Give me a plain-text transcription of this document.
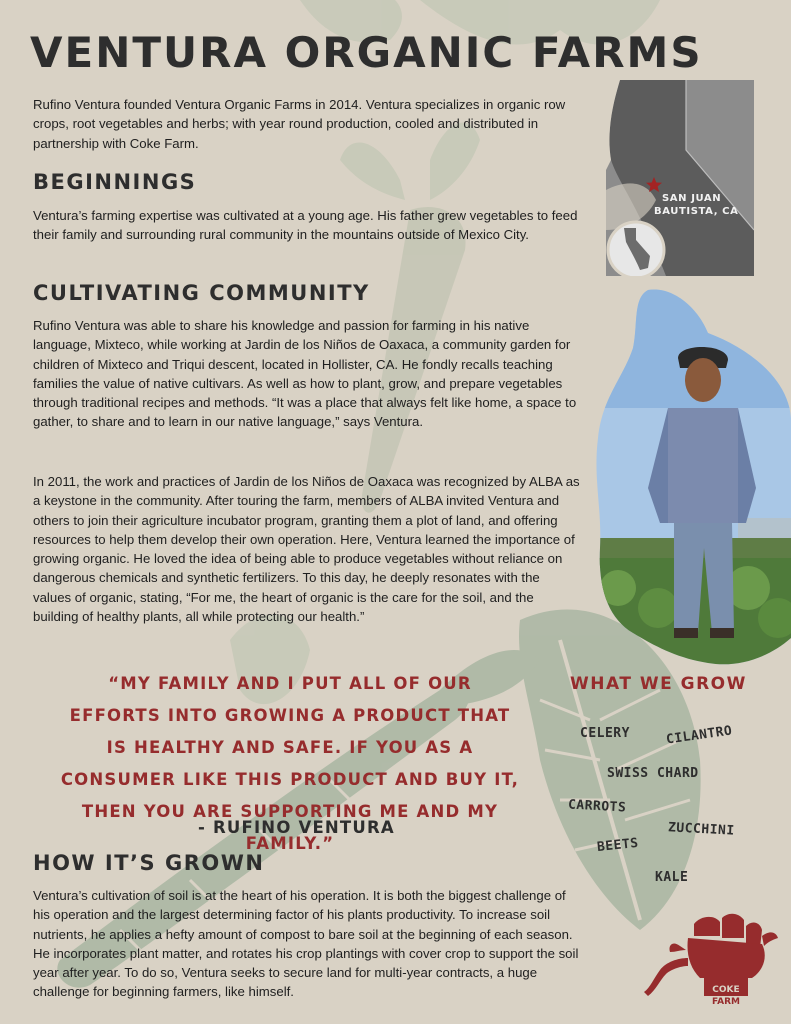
VENTURA ORGANIC FARMS

Rufino Ventura founded Ventura Organic Farms in 2014. Ventura specializes in organic row crops, root vegetables and herbs; with year round production, cooled and distributed in partnership with Coke Farm.

BEGINNINGS

Ventura’s farming expertise was cultivated at a young age. His father grew vegetables to feed their family and surrounding rural community in the mountains outside of Mexico City.

CULTIVATING COMMUNITY

Rufino Ventura was able to share his knowledge and passion for farming in his native language, Mixteco, while working at Jardin de los Niños de Oaxaca, a community garden for children of Mixteco and Triqui descent, located in Hollister, CA. He fondly recalls teaching families the value of native cultivars. As well as how to plant, grow, and prepare vegetables through traditional recipes and methods. “It was a place that always felt like home, a space to gather, to share and to learn in our native language,” says Ventura.

In 2011, the work and practices of Jardin de los Niños de Oaxaca was recognized by ALBA as a keystone in the community. After touring the farm, members of ALBA invited Ventura and others to join their agriculture incubator program, granting them a plot of land, and offering resources to help them develop their own operation. Here, Ventura learned the importance of growing organic. He loved the idea of being able to produce vegetables without reliance on dangerous chemicals and synthetic fertilizers. To this day, he deeply resonates with the values of organic, stating, “For me, the heart of organic is the care for the soil, and the building of healthy plants, all while protecting our health.”

“MY FAMILY AND I PUT ALL OF OUR EFFORTS INTO GROWING A PRODUCT THAT IS HEALTHY AND SAFE. IF YOU AS A CONSUMER LIKE THIS PRODUCT AND BUY IT, THEN YOU ARE SUPPORTING ME AND MY FAMILY.”

- RUFINO VENTURA
HOW IT’S GROWN

Ventura’s cultivation of soil is at the heart of his operation. It is both the biggest challenge of his operation and the largest determining factor of his plants productivity. To increase soil nutrients, he applies a hefty amount of compost to bare soil at the beginning of each season. He incorporates plant matter, and rotates his crop plantings with cover crop to support the soil year after year. To do so, Ventura seeks to secure land for multi-year contracts, a huge challenge for beginning farmers, like himself.

SAN JUAN
BAUTISTA, CA
WHAT WE GROW
CELERY	CILANTRO
SWISS CHARD
CARROTS
ZUCCHINI
BEETS
KALE
COKE
FARM
